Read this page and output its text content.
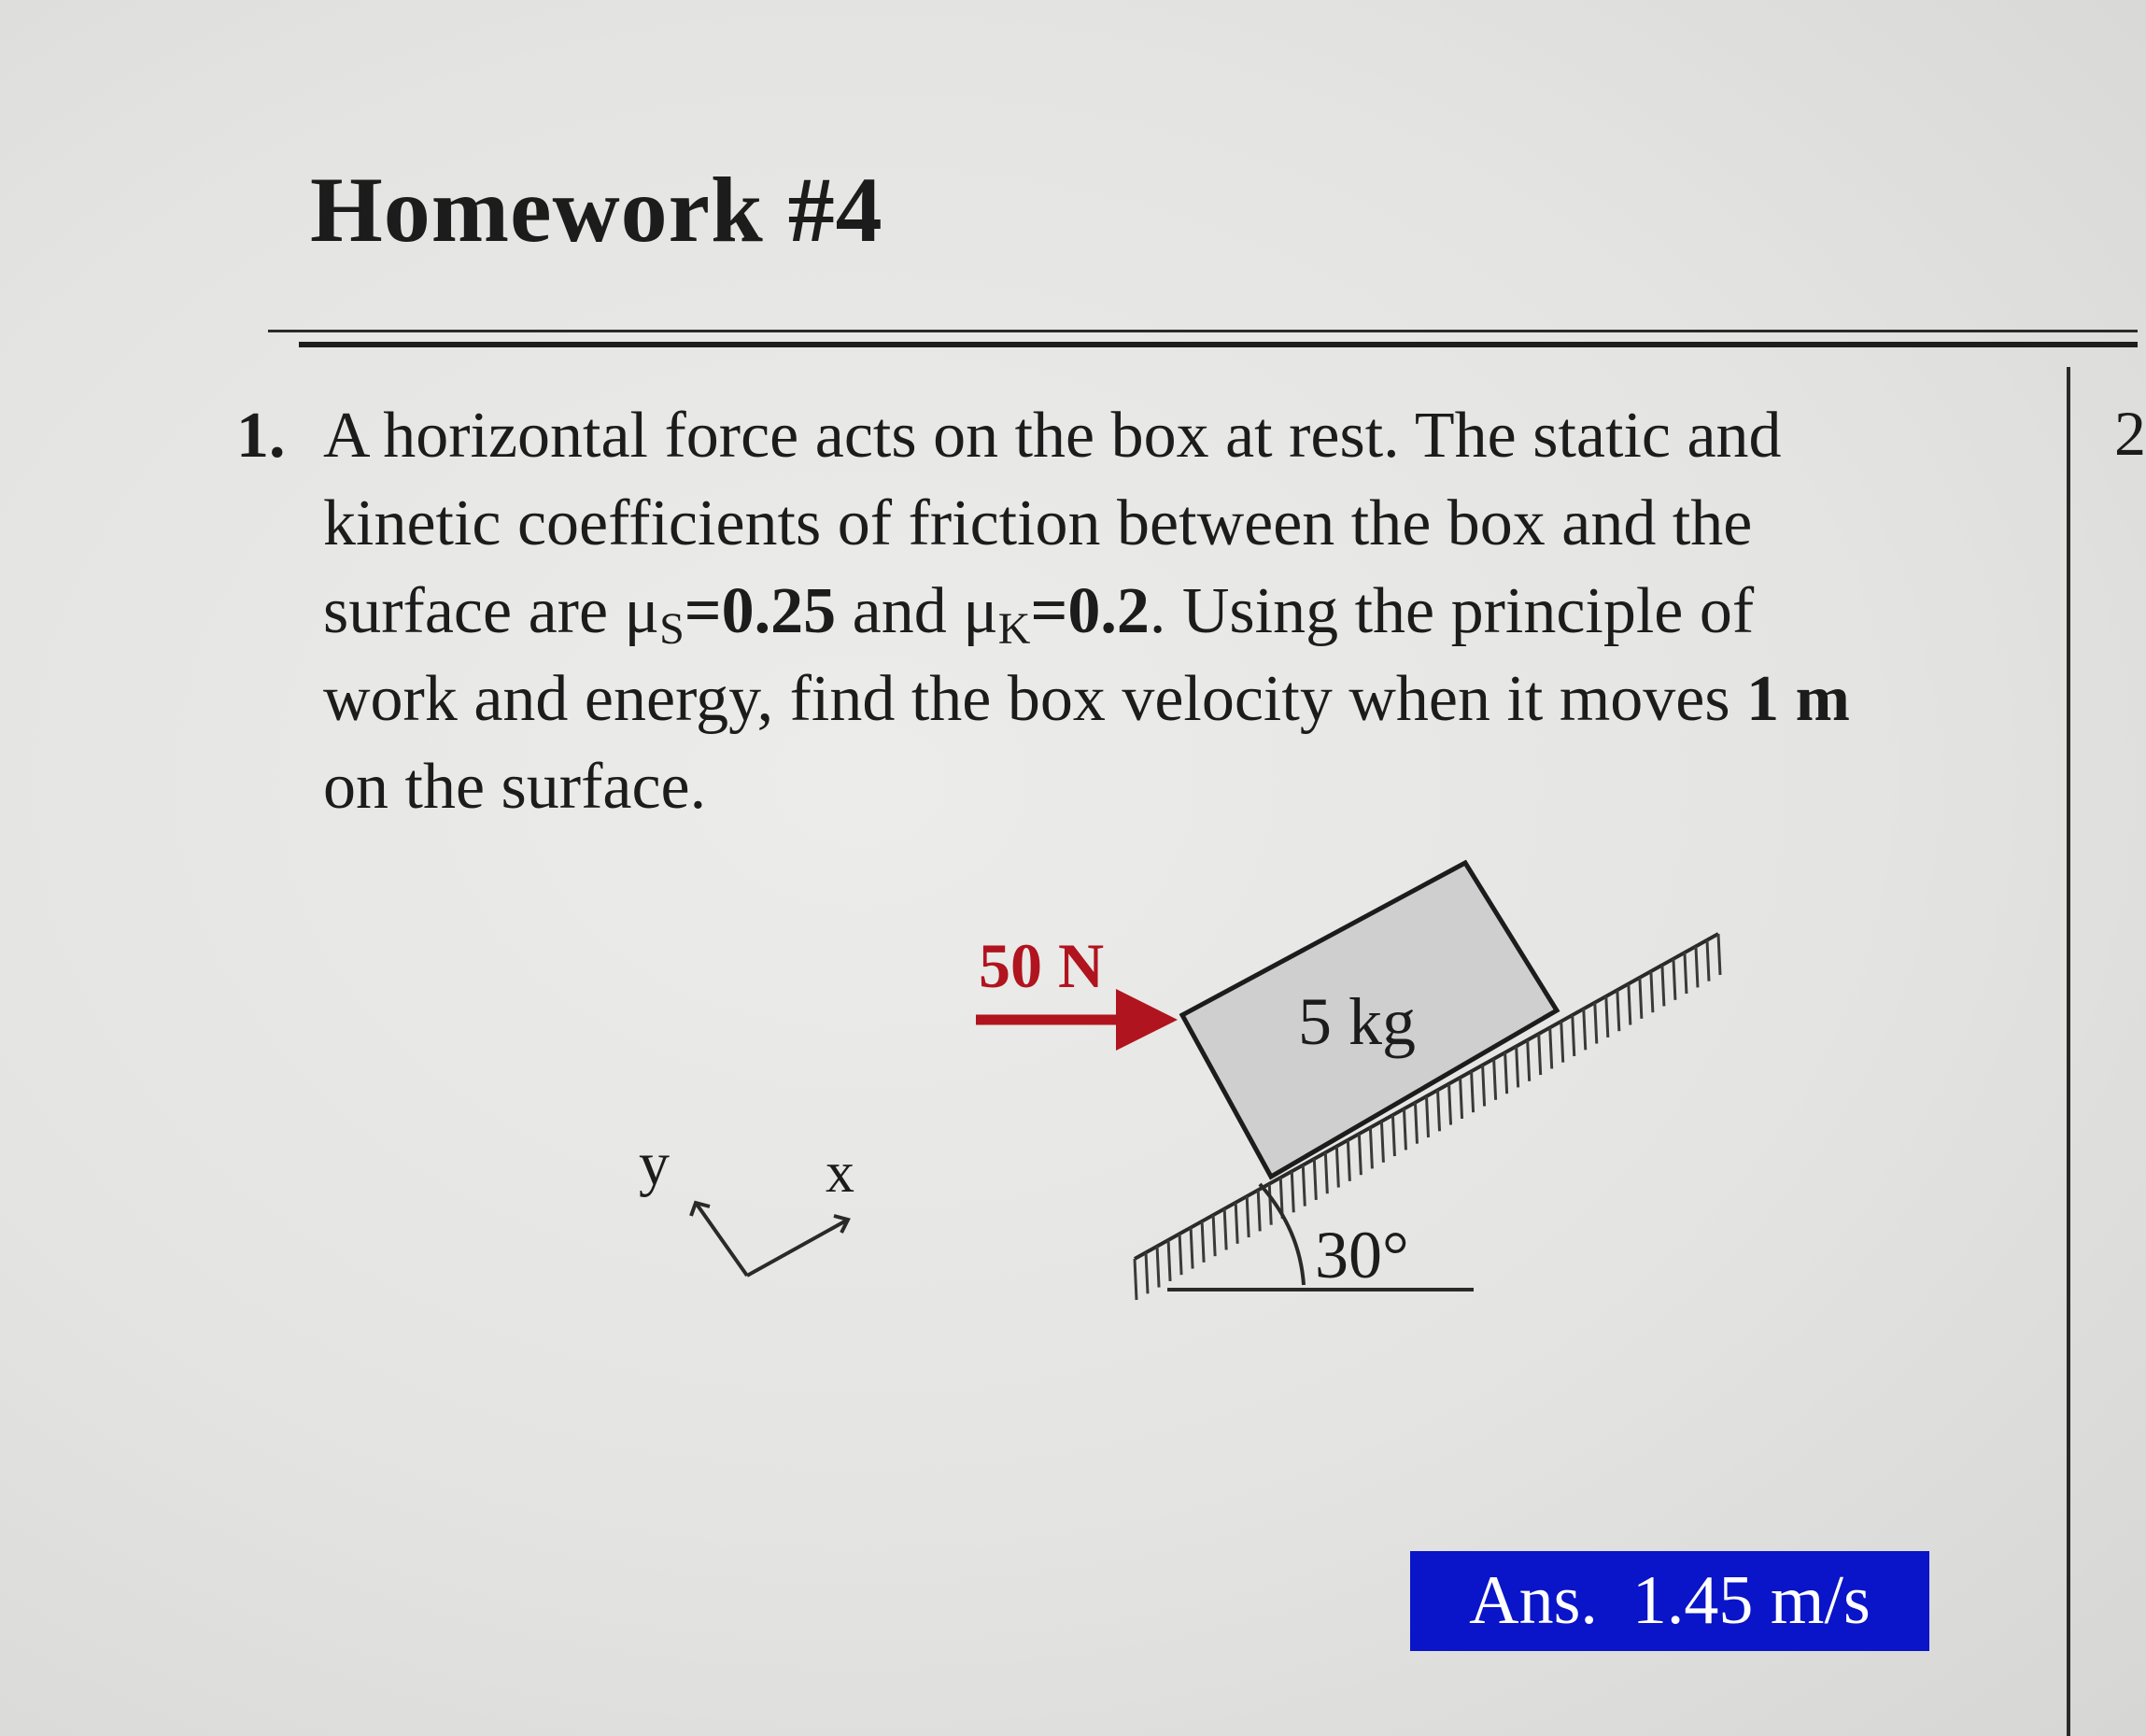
Homework #4
2
1. A horizontal force acts on the box at rest. The static and
kinetic coefficients of friction between the box and the
surface are $\mu_S=0.25$ and $\mu_K=0.2$. Using the principle of
work and energy, find the box velocity when it moves 1 m
on the surface.
50 N
5 kg
30°
y	x
Ans. 1.45 m/s
